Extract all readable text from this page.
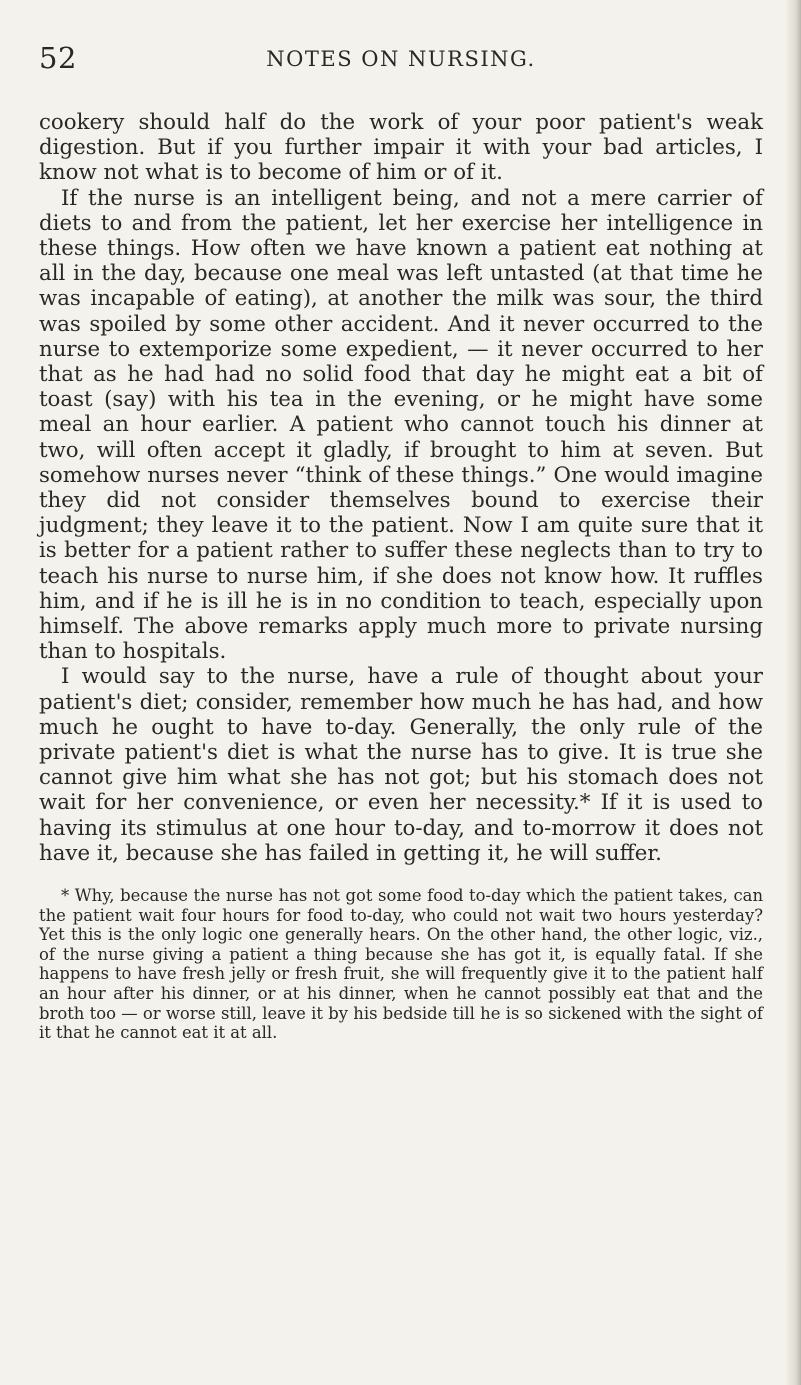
52	NOTES ON NURSING.

cookery should half do the work of your poor patient's weak digestion. But if you further impair it with your bad articles, I know not what is to become of him or of it.

If the nurse is an intelligent being, and not a mere carrier of diets to and from the patient, let her exercise her intelligence in these things. How often we have known a patient eat nothing at all in the day, because one meal was left untasted (at that time he was incapable of eating), at another the milk was sour, the third was spoiled by some other accident. And it never occurred to the nurse to extemporize some expedient, — it never occurred to her that as he had had no solid food that day he might eat a bit of toast (say) with his tea in the evening, or he might have some meal an hour earlier. A patient who cannot touch his dinner at two, will often accept it gladly, if brought to him at seven. But somehow nurses never “think of these things.” One would imagine they did not consider themselves bound to exercise their judgment; they leave it to the patient. Now I am quite sure that it is better for a patient rather to suffer these neglects than to try to teach his nurse to nurse him, if she does not know how. It ruffles him, and if he is ill he is in no condition to teach, especially upon himself. The above remarks apply much more to private nursing than to hospitals.

I would say to the nurse, have a rule of thought about your patient's diet; consider, remember how much he has had, and how much he ought to have to-day. Generally, the only rule of the private patient's diet is what the nurse has to give. It is true she cannot give him what she has not got; but his stomach does not wait for her convenience, or even her necessity.* If it is used to having its stimulus at one hour to-day, and to-morrow it does not have it, because she has failed in getting it, he will suffer.

* Why, because the nurse has not got some food to-day which the patient takes, can the patient wait four hours for food to-day, who could not wait two hours yesterday? Yet this is the only logic one generally hears. On the other hand, the other logic, viz., of the nurse giving a patient a thing because she has got it, is equally fatal. If she happens to have fresh jelly or fresh fruit, she will frequently give it to the patient half an hour after his dinner, or at his dinner, when he cannot possibly eat that and the broth too — or worse still, leave it by his bedside till he is so sickened with the sight of it that he cannot eat it at all.
